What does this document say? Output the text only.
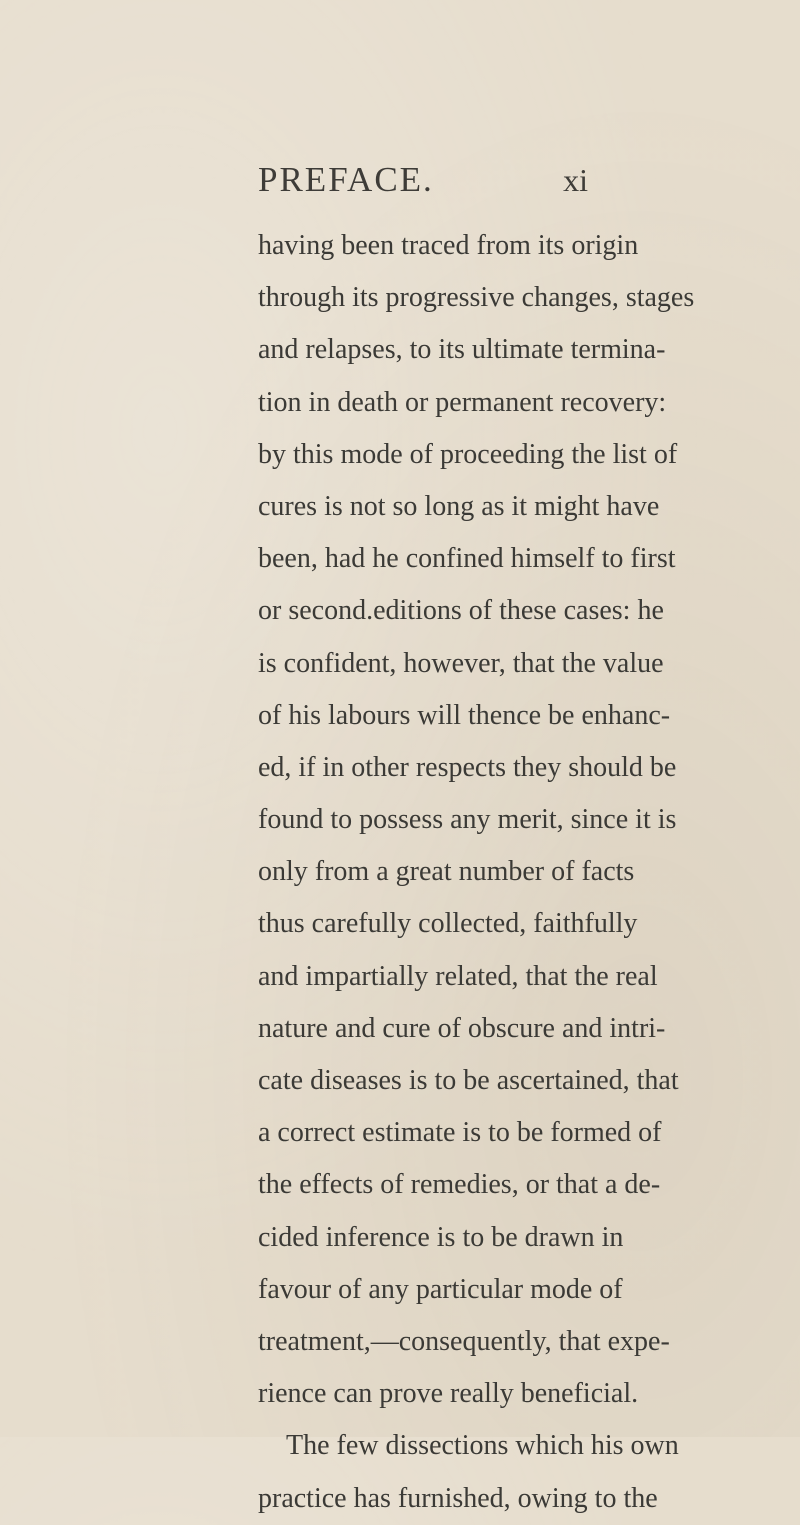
PREFACE.	xi
having been traced from its origin
through its progressive changes, stages
and relapses, to its ultimate termina-
tion in death or permanent recovery:
by this mode of proceeding the list of
cures is not so long as it might have
been, had he confined himself to first
or second.editions of these cases: he
is confident, however, that the value
of his labours will thence be enhanc-
ed, if in other respects they should be
found to possess any merit, since it is
only from a great number of facts
thus carefully collected, faithfully
and impartially related, that the real
nature and cure of obscure and intri-
cate diseases is to be ascertained, that
a correct estimate is to be formed of
the effects of remedies, or that a de-
cided inference is to be drawn in
favour of any particular mode of
treatment,—consequently, that expe-
rience can prove really beneficial.
The few dissections which his own
practice has furnished, owing to the
